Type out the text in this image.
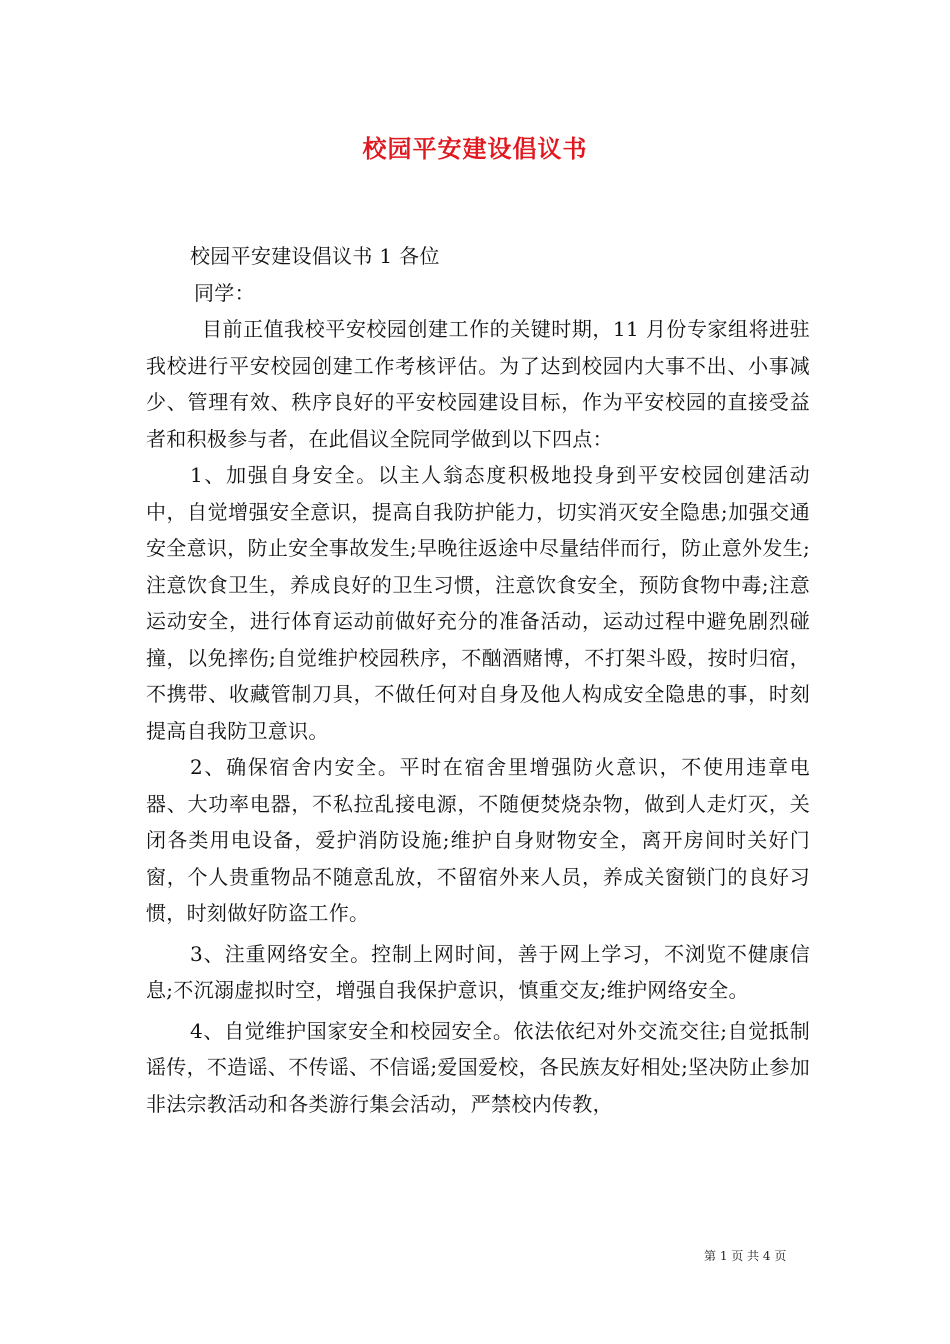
校园平安建设倡议书

校园平安建设倡议书 1 各位

同学：

目前正值我校平安校园创建工作的关键时期，11 月份专家组将进驻我校进行平安校园创建工作考核评估。为了达到校园内大事不出、小事减少、管理有效、秩序良好的平安校园建设目标，作为平安校园的直接受益者和积极参与者，在此倡议全院同学做到以下四点：

1、加强自身安全。以主人翁态度积极地投身到平安校园创建活动中，自觉增强安全意识，提高自我防护能力，切实消灭安全隐患;加强交通安全意识，防止安全事故发生;早晚往返途中尽量结伴而行，防止意外发生;注意饮食卫生，养成良好的卫生习惯，注意饮食安全，预防食物中毒;注意运动安全，进行体育运动前做好充分的准备活动，运动过程中避免剧烈碰撞，以免摔伤;自觉维护校园秩序，不酗酒赌博，不打架斗殴，按时归宿，不携带、收藏管制刀具，不做任何对自身及他人构成安全隐患的事，时刻提高自我防卫意识。

2、确保宿舍内安全。平时在宿舍里增强防火意识，不使用违章电器、大功率电器，不私拉乱接电源，不随便焚烧杂物，做到人走灯灭，关闭各类用电设备，爱护消防设施;维护自身财物安全，离开房间时关好门窗，个人贵重物品不随意乱放，不留宿外来人员，养成关窗锁门的良好习惯，时刻做好防盗工作。

3、注重网络安全。控制上网时间，善于网上学习，不浏览不健康信息;不沉溺虚拟时空，增强自我保护意识，慎重交友;维护网络安全。

4、自觉维护国家安全和校园安全。依法依纪对外交流交往;自觉抵制谣传，不造谣、不传谣、不信谣;爱国爱校，各民族友好相处;坚决防止参加非法宗教活动和各类游行集会活动，严禁校内传教，

第 1 页 共 4 页
